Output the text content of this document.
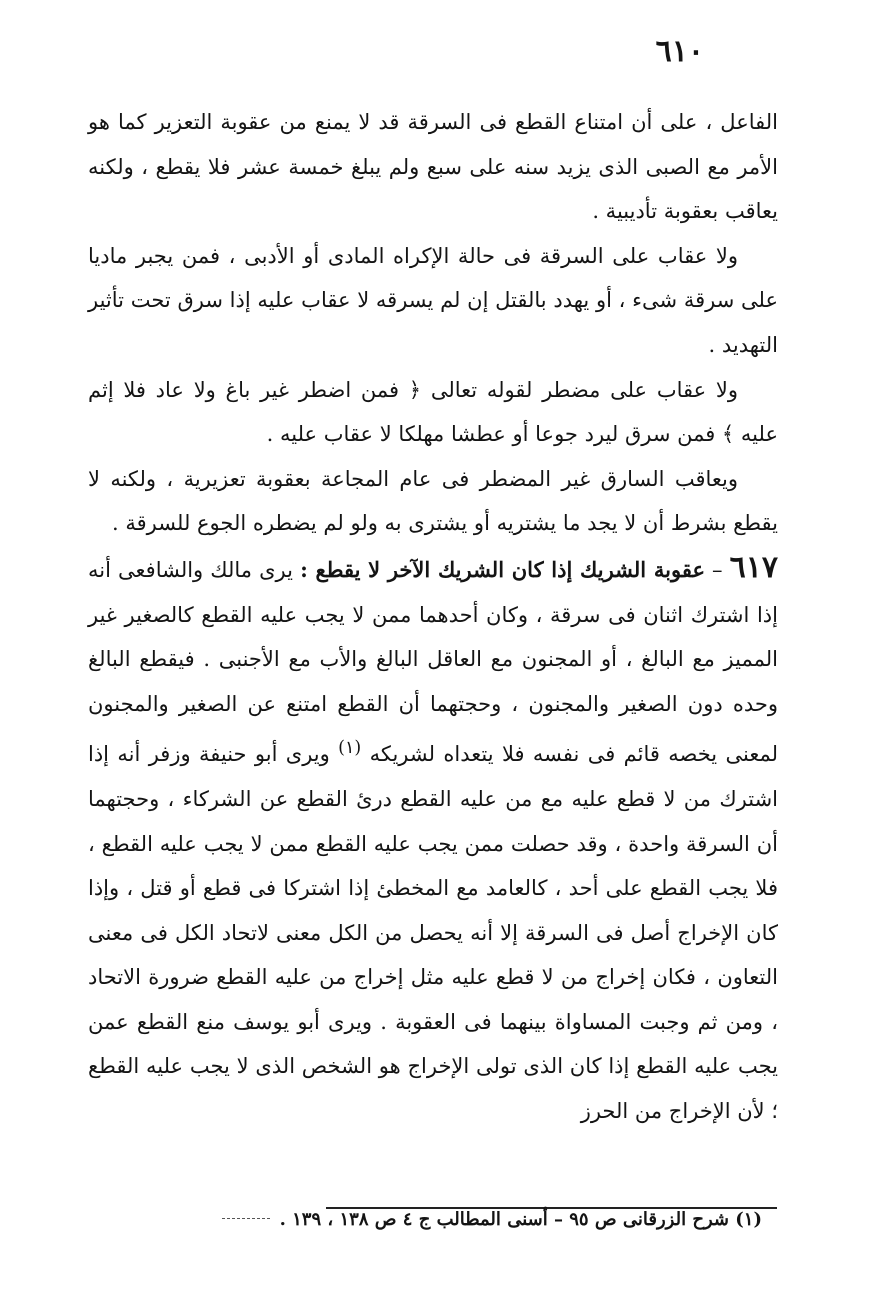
٦١٠

الفاعل ، على أن امتناع القطع فى السرقة قد لا يمنع من عقوبة التعزير كما هو الأمر مع الصبى الذى يزيد سنه على سبع ولم يبلغ خمسة عشر فلا يقطع ، ولكنه يعاقب بعقوبة تأديبية .

ولا عقاب على السرقة فى حالة الإكراه المادى أو الأدبى ، فمن يجبر ماديا على سرقة شىء ، أو يهدد بالقتل إن لم يسرقه لا عقاب عليه إذا سرق تحت تأثير التهديد .

ولا عقاب على مضطر لقوله تعالى ﴿ فمن اضطر غير باغ ولا عاد فلا إثم عليه ﴾ فمن سرق ليرد جوعا أو عطشا مهلكا لا عقاب عليه .

ويعاقب السارق غير المضطر فى عام المجاعة بعقوبة تعزيرية ، ولكنه لا يقطع بشرط أن لا يجد ما يشتريه أو يشترى به ولو لم يضطره الجوع للسرقة .

٦١٧ – عقوبة الشريك إذا كان الشريك الآخر لا يقطع : يرى مالك والشافعى أنه إذا اشترك اثنان فى سرقة ، وكان أحدهما ممن لا يجب عليه القطع كالصغير غير المميز مع البالغ ، أو المجنون مع العاقل البالغ والأب مع الأجنبى . فيقطع البالغ وحده دون الصغير والمجنون ، وحجتهما أن القطع امتنع عن الصغير والمجنون لمعنى يخصه قائم فى نفسه فلا يتعداه لشريكه $^{(١)}$ ويرى أبو حنيفة وزفر أنه إذا اشترك من لا قطع عليه مع من عليه القطع درئ القطع عن الشركاء ، وحجتهما أن السرقة واحدة ، وقد حصلت ممن يجب عليه القطع ممن لا يجب عليه القطع ، فلا يجب القطع على أحد ، كالعامد مع المخطئ إذا اشتركا فى قطع أو قتل ، وإذا كان الإخراج أصل فى السرقة إلا أنه يحصل من الكل معنى لاتحاد الكل فى معنى التعاون ، فكان إخراج من لا قطع عليه مثل إخراج من عليه القطع ضرورة الاتحاد ، ومن ثم وجبت المساواة بينهما فى العقوبة . ويرى أبو يوسف منع القطع عمن يجب عليه القطع إذا كان الذى تولى الإخراج هو الشخص الذى لا يجب عليه القطع ؛ لأن الإخراج من الحرز

(١) شرح الزرقانى ص ٩٥ – أسنى المطالب ج ٤ ص ١٣٨ ، ١٣٩ .
